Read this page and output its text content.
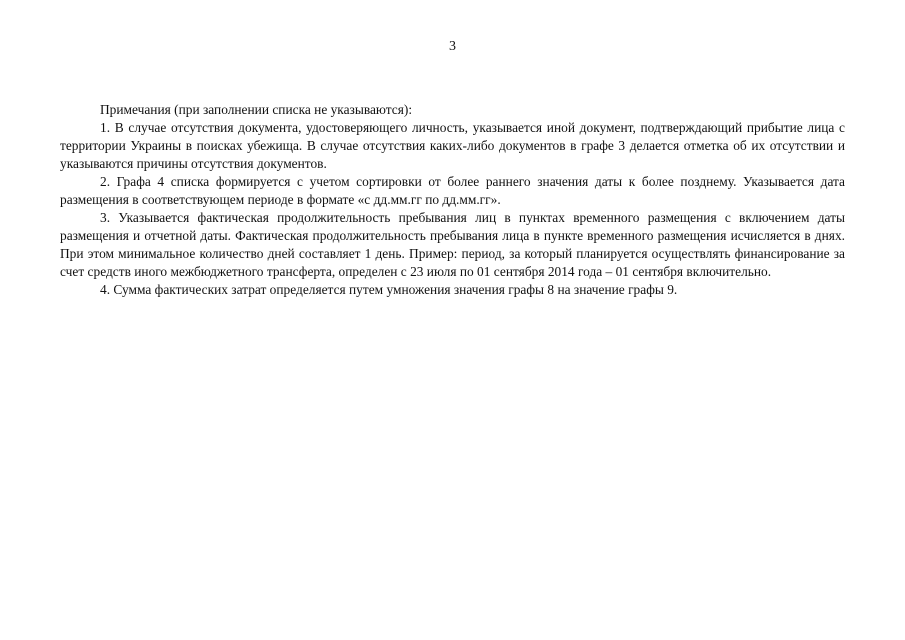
3

Примечания (при заполнении списка не указываются):

1. В случае отсутствия документа, удостоверяющего личность, указывается иной документ, подтверждающий прибытие лица с территории Украины в поисках убежища. В случае отсутствия каких-либо документов в графе 3 делается отметка об их отсутствии и указываются причины отсутствия документов.

2. Графа 4 списка формируется с учетом сортировки от более раннего значения даты к более позднему. Указывается дата размещения в соответствующем периоде в формате «с дд.мм.гг по дд.мм.гг».

3. Указывается фактическая продолжительность пребывания лиц в пунктах временного размещения с включением даты размещения и отчетной даты. Фактическая продолжительность пребывания лица в пункте временного размещения исчисляется в днях. При этом минимальное количество дней составляет 1 день. Пример: период, за который планируется осуществлять финансирование за счет средств иного межбюджетного трансферта, определен с 23 июля по 01 сентября 2014 года – 01 сентября включительно.

4. Сумма фактических затрат определяется путем умножения значения графы 8 на значение графы 9.
